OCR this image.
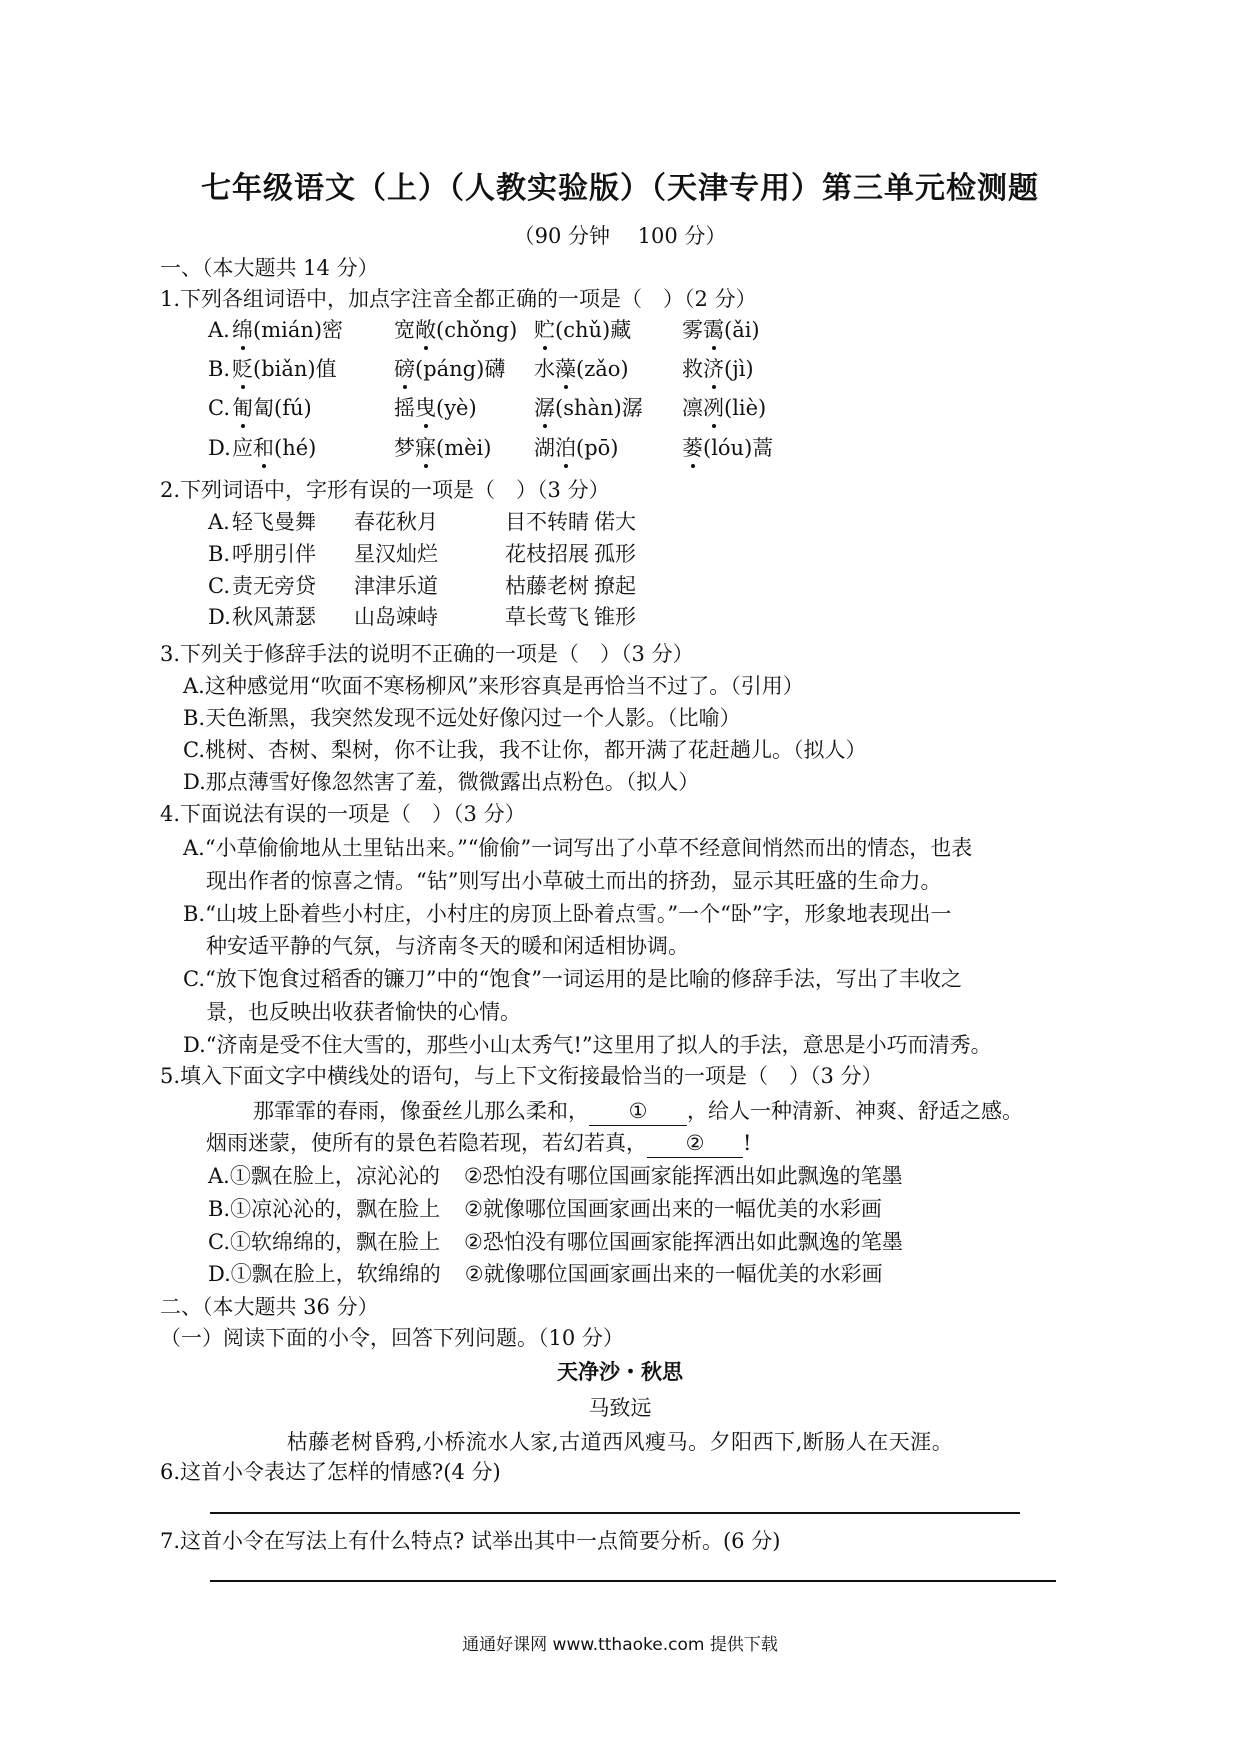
七年级语文（上）（人教实验版）（天津专用）第三单元检测题
（90 分钟　 100 分）
一、（本大题共 14 分）
1.下列各组词语中，加点字注音全都正确的一项是（　）（2 分）
A. 绵(mián)密 宽敞(chǒng) 贮(chǔ)藏 雾霭(ǎi)
B. 贬(biǎn)值	磅(páng)礴 水藻(zǎo)	救济(jì)
C. 匍匐(fú)	摇曳(yè)	潺(shàn)潺 凛冽(liè)
D. 应和(hé)	梦寐(mèi) 湖泊(pō)	蒌(lóu)蒿
2.下列词语中，字形有误的一项是（　）（3 分）
A. 轻飞曼舞 春花秋月	目不转睛 偌大
B. 呼朋引伴 星汉灿烂	花枝招展 孤形
C. 责无旁贷 津津乐道	枯藤老树 撩起
D. 秋风萧瑟 山岛竦峙	草长莺飞 锥形
3.下列关于修辞手法的说明不正确的一项是（　）（3 分）
A.这种感觉用“吹面不寒杨柳风”来形容真是再恰当不过了。（引用）
B.天色渐黑，我突然发现不远处好像闪过一个人影。（比喻）
C.桃树、杏树、梨树，你不让我，我不让你，都开满了花赶趟儿。（拟人）
D.那点薄雪好像忽然害了羞，微微露出点粉色。（拟人）
4.下面说法有误的一项是（　）（3 分）
A.“小草偷偷地从土里钻出来。”“偷偷”一词写出了小草不经意间悄然而出的情态，也表
现出作者的惊喜之情。“钻”则写出小草破土而出的挤劲，显示其旺盛的生命力。
B.“山坡上卧着些小村庄，小村庄的房顶上卧着点雪。”一个“卧”字，形象地表现出一
种安适平静的气氛，与济南冬天的暖和闲适相协调。
C.“放下饱食过稻香的镰刀”中的“饱食”一词运用的是比喻的修辞手法，写出了丰收之
景，也反映出收获者愉快的心情。
D.“济南是受不住大雪的，那些小山太秀气!”这里用了拟人的手法，意思是小巧而清秀。
5.填入下面文字中横线处的语句，与上下文衔接最恰当的一项是（　）（3 分）
那霏霏的春雨，像蚕丝儿那么柔和， ① ，给人一种清新、神爽、舒适之感。
烟雨迷蒙，使所有的景色若隐若现，若幻若真， ② !
A.①飘在脸上，凉沁沁的 ②恐怕没有哪位国画家能挥洒出如此飘逸的笔墨
B.①凉沁沁的，飘在脸上 ②就像哪位国画家画出来的一幅优美的水彩画
C.①软绵绵的，飘在脸上 ②恐怕没有哪位国画家能挥洒出如此飘逸的笔墨
D.①飘在脸上，软绵绵的 ②就像哪位国画家画出来的一幅优美的水彩画
二、（本大题共 36 分）
（一）阅读下面的小令，回答下列问题。（10 分）
天净沙・秋思
马致远
枯藤老树昏鸦,小桥流水人家,古道西风瘦马。夕阳西下,断肠人在天涯。
6.这首小令表达了怎样的情感?(4 分)
7.这首小令在写法上有什么特点? 试举出其中一点简要分析。(6 分)
通通好课网 www.tthaoke.com 提供下载
